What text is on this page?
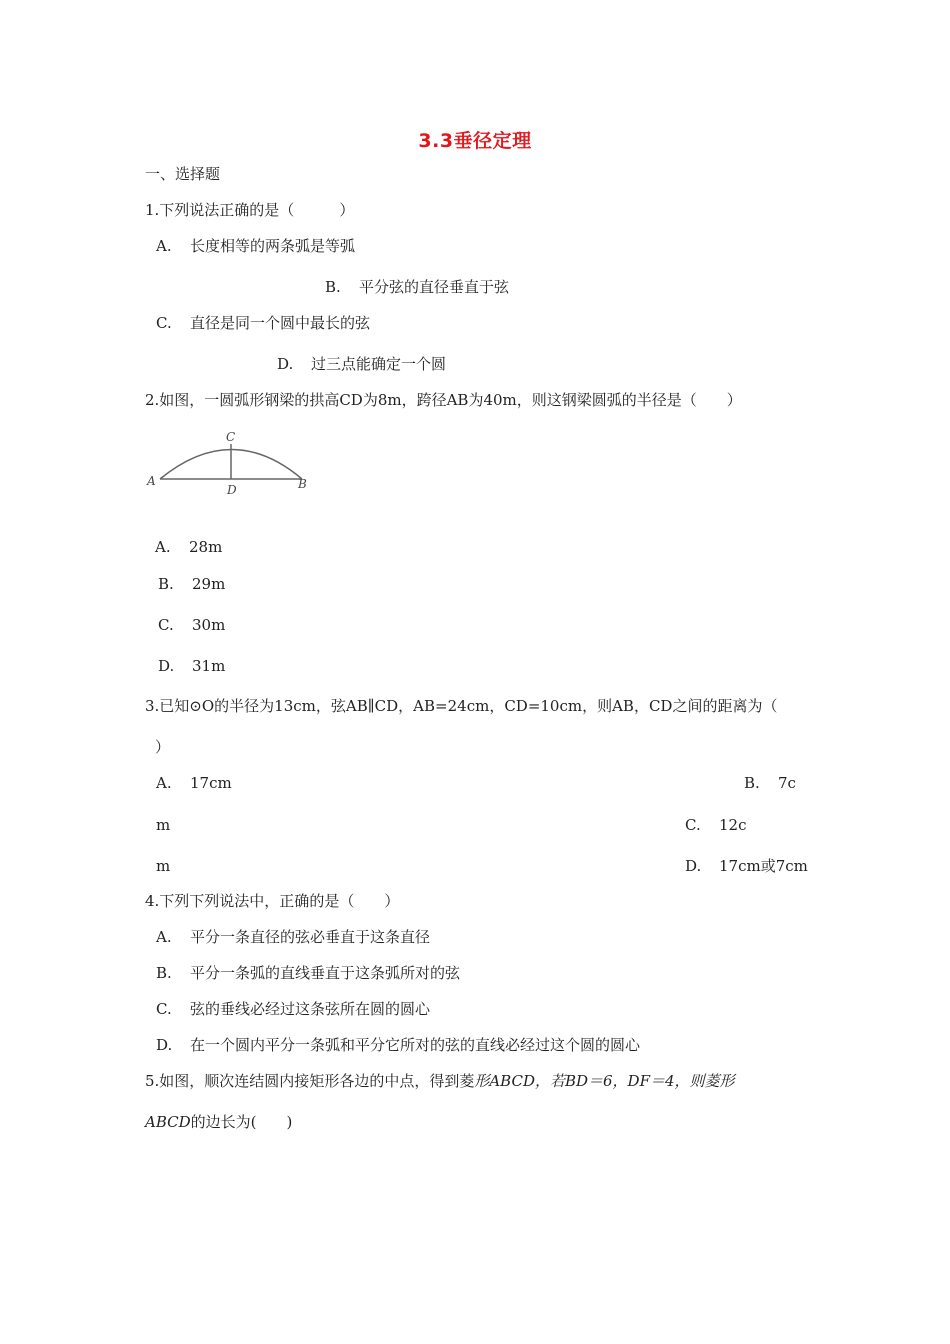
3.3垂径定理
一、选择题
1.下列说法正确的是（　　　）
A. 长度相等的两条弧是等弧
B. 平分弦的直径垂直于弦
C. 直径是同一个圆中最长的弦
D. 过三点能确定一个圆
2.如图，一圆弧形钢梁的拱高CD为8m，跨径AB为40m，则这钢梁圆弧的半径是（　　）
A
C
D	B
A. 28m
B. 29m
C. 30m
D. 31m
3.已知⊙O的半径为13cm，弦AB∥CD，AB=24cm，CD=10cm，则AB，CD之间的距离为（
）
A. 17cm	B. 7c
m	C. 12c
m	D. 17cm或7cm
4.下列下列说法中，正确的是（　　）
A. 平分一条直径的弦必垂直于这条直径
B. 平分一条弧的直线垂直于这条弧所对的弦
C. 弦的垂线必经过这条弦所在圆的圆心
D. 在一个圆内平分一条弧和平分它所对的弦的直线必经过这个圆的圆心
5.如图，顺次连结圆内接矩形各边的中点，得到菱形ABCD，若BD＝6，DF＝4，则菱形
ABCD的边长为(　　)
